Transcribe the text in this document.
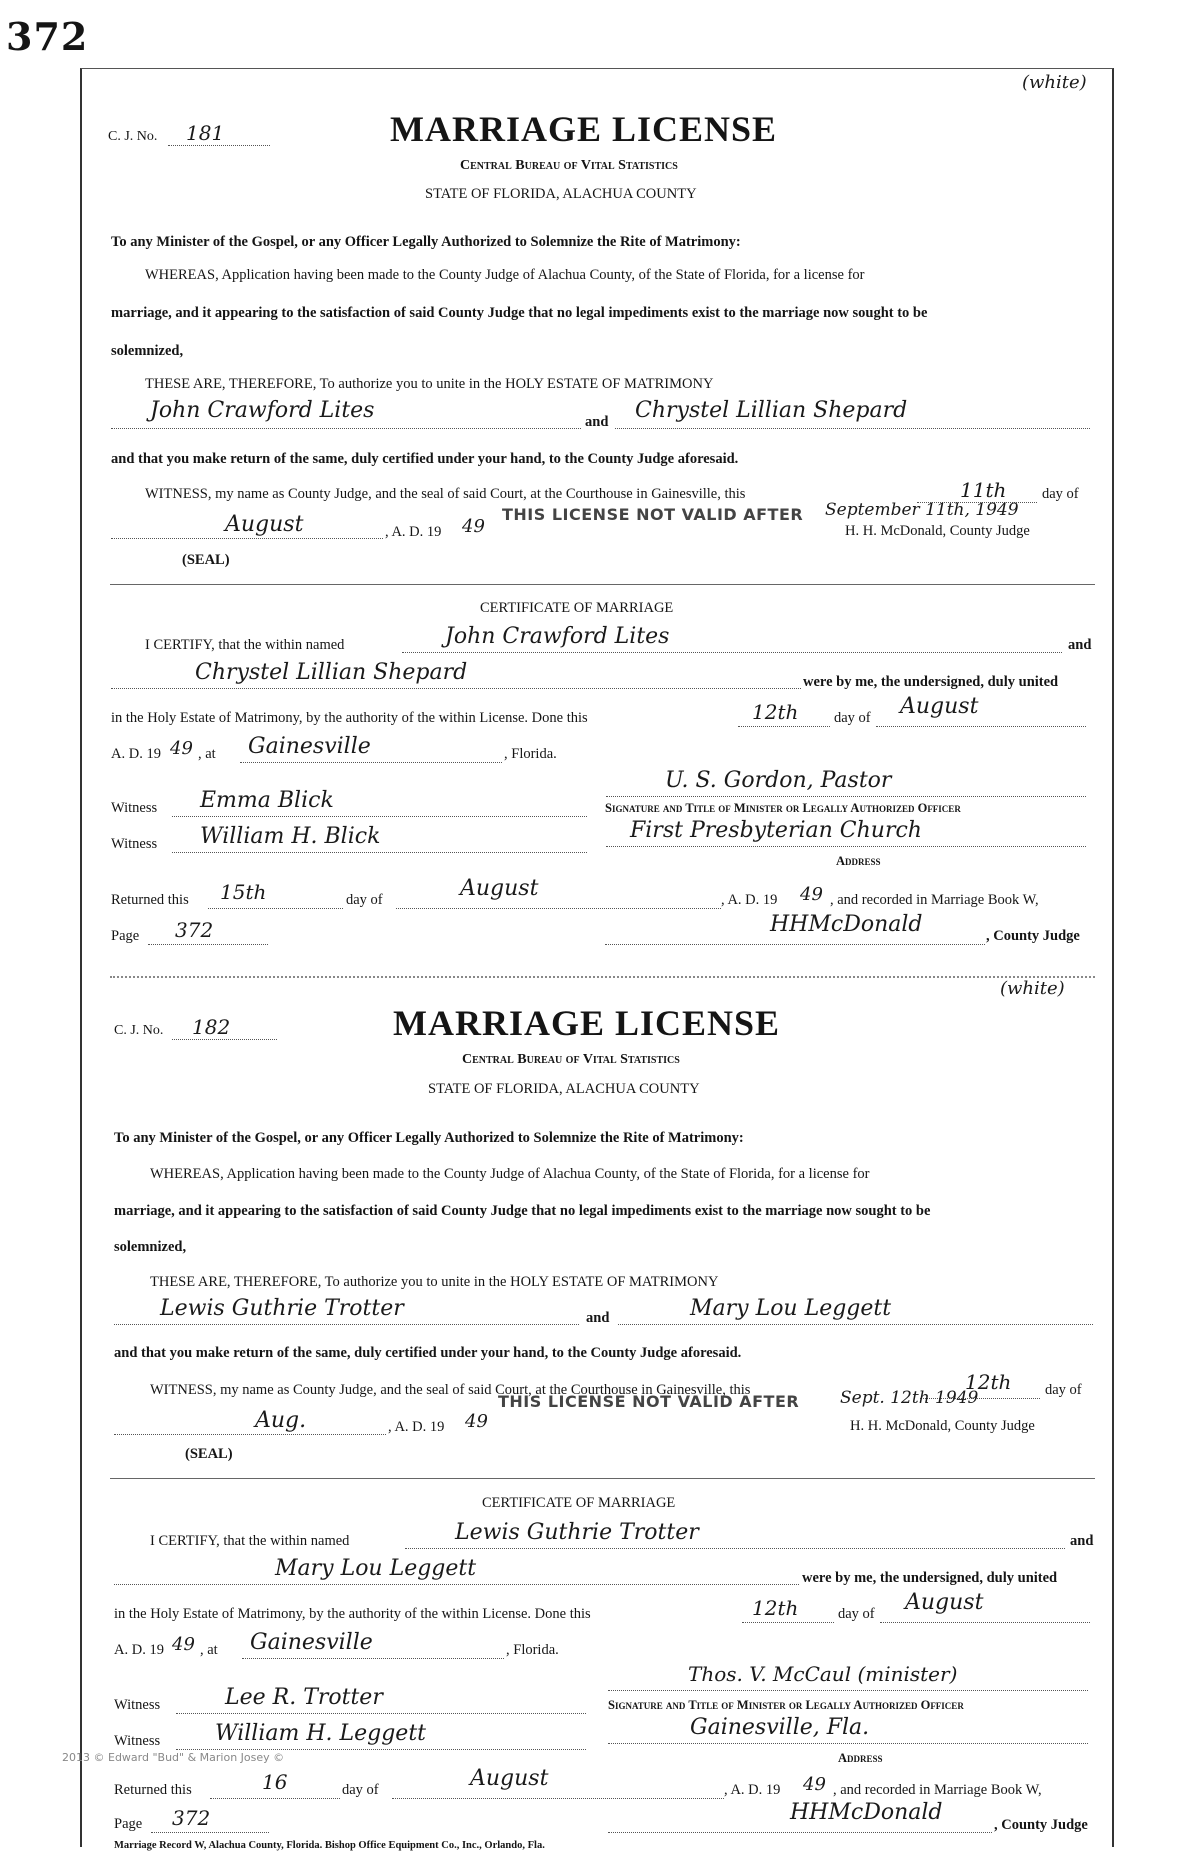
372
(white)
C. J. No. 181	MARRIAGE LICENSE
Central Bureau of Vital Statistics
STATE OF FLORIDA, ALACHUA COUNTY
To any Minister of the Gospel, or any Officer Legally Authorized to Solemnize the Rite of Matrimony:
WHEREAS, Application having been made to the County Judge of Alachua County, of the State of Florida, for a license for
marriage, and it appearing to the satisfaction of said County Judge that no legal impediments exist to the marriage now sought to be
solemnized,
THESE ARE, THEREFORE, To authorize you to unite in the HOLY ESTATE OF MATRIMONY
John Crawford Lites	and Chrystel Lillian Shepard
and that you make return of the same, duly certified under your hand, to the County Judge aforesaid.
WITNESS, my name as County Judge, and the seal of said Court, at the Courthouse in Gainesville, this	11th day of
August	, A. D. 19 49
THIS LICENSE NOT VALID AFTER September 11th, 1949
H. H. McDonald, County Judge
(SEAL)
CERTIFICATE OF MARRIAGE
I CERTIFY, that the within named	John Crawford Lites	and
Chrystel Lillian Shepard	were by me, the undersigned, duly united
in the Holy Estate of Matrimony, by the authority of the within License. Done this	12th day of August
A. D. 19 49 , at Gainesville	, Florida.
Witness Emma Blick
U. S. Gordon, Pastor
Signature and Title of Minister or Legally Authorized Officer
Witness William H. Blick	First Presbyterian Church
Address
Returned this 15th	day of	August	, A. D. 19 49 , and recorded in Marriage Book W,
Page 372	HHMcDonald	, County Judge
(white)
C. J. No. 182	MARRIAGE LICENSE
Central Bureau of Vital Statistics
STATE OF FLORIDA, ALACHUA COUNTY
To any Minister of the Gospel, or any Officer Legally Authorized to Solemnize the Rite of Matrimony:
WHEREAS, Application having been made to the County Judge of Alachua County, of the State of Florida, for a license for
marriage, and it appearing to the satisfaction of said County Judge that no legal impediments exist to the marriage now sought to be
solemnized,
THESE ARE, THEREFORE, To authorize you to unite in the HOLY ESTATE OF MATRIMONY
Lewis Guthrie Trotter	and	Mary Lou Leggett
and that you make return of the same, duly certified under your hand, to the County Judge aforesaid.
WITNESS, my name as County Judge, and the seal of said Court, at the Courthouse in Gainesville, this	12th day of
Aug.	, A. D. 19 49
THIS LICENSE NOT VALID AFTER Sept. 12th 1949
H. H. McDonald, County Judge
(SEAL)
CERTIFICATE OF MARRIAGE
I CERTIFY, that the within named	Lewis Guthrie Trotter	and
Mary Lou Leggett	were by me, the undersigned, duly united
in the Holy Estate of Matrimony, by the authority of the within License. Done this	12th	day of August
A. D. 19 49 , at Gainesville	, Florida.
Witness	Lee R. Trotter
Thos. V. McCaul (minister)
Signature and Title of Minister or Legally Authorized Officer
Witness William H. Leggett	Gainesville, Fla.
Address
Returned this	16	day of	August	, A. D. 19 49 , and recorded in Marriage Book W,
Page 372	HHMcDonald	, County Judge
2013 © Edward "Bud" & Marion Josey ©
Marriage Record W, Alachua County, Florida. Bishop Office Equipment Co., Inc., Orlando, Fla.
